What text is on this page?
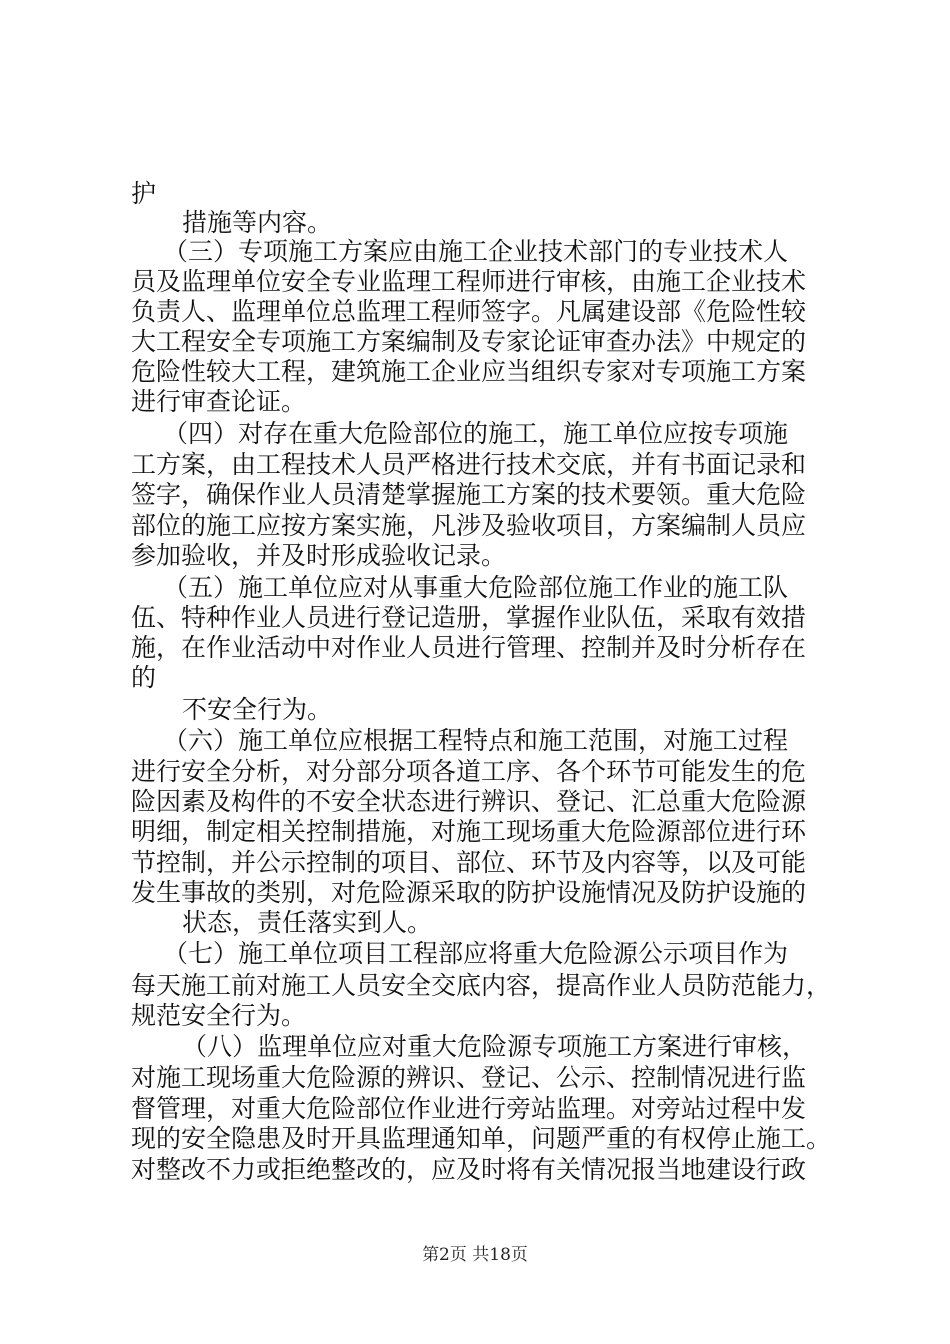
护
措施等内容。
（三）专项施工方案应由施工企业技术部门的专业技术人
员及监理单位安全专业监理工程师进行审核，由施工企业技术
负责人、监理单位总监理工程师签字。凡属建设部《危险性较
大工程安全专项施工方案编制及专家论证审查办法》中规定的
危险性较大工程，建筑施工企业应当组织专家对专项施工方案
进行审查论证。
（四）对存在重大危险部位的施工，施工单位应按专项施
工方案，由工程技术人员严格进行技术交底，并有书面记录和
签字，确保作业人员清楚掌握施工方案的技术要领。重大危险
部位的施工应按方案实施，凡涉及验收项目，方案编制人员应
参加验收，并及时形成验收记录。
（五）施工单位应对从事重大危险部位施工作业的施工队
伍、特种作业人员进行登记造册，掌握作业队伍，采取有效措
施，在作业活动中对作业人员进行管理、控制并及时分析存在
的
不安全行为。
（六）施工单位应根据工程特点和施工范围，对施工过程
进行安全分析，对分部分项各道工序、各个环节可能发生的危
险因素及构件的不安全状态进行辨识、登记、汇总重大危险源
明细，制定相关控制措施，对施工现场重大危险源部位进行环
节控制，并公示控制的项目、部位、环节及内容等，以及可能
发生事故的类别，对危险源采取的防护设施情况及防护设施的
状态，责任落实到人。
（七）施工单位项目工程部应将重大危险源公示项目作为
每天施工前对施工人员安全交底内容，提高作业人员防范能力，
规范安全行为。
（八）监理单位应对重大危险源专项施工方案进行审核，
对施工现场重大危险源的辨识、登记、公示、控制情况进行监
督管理，对重大危险部位作业进行旁站监理。对旁站过程中发
现的安全隐患及时开具监理通知单，问题严重的有权停止施工。
对整改不力或拒绝整改的，应及时将有关情况报当地建设行政
第2页 共18页
